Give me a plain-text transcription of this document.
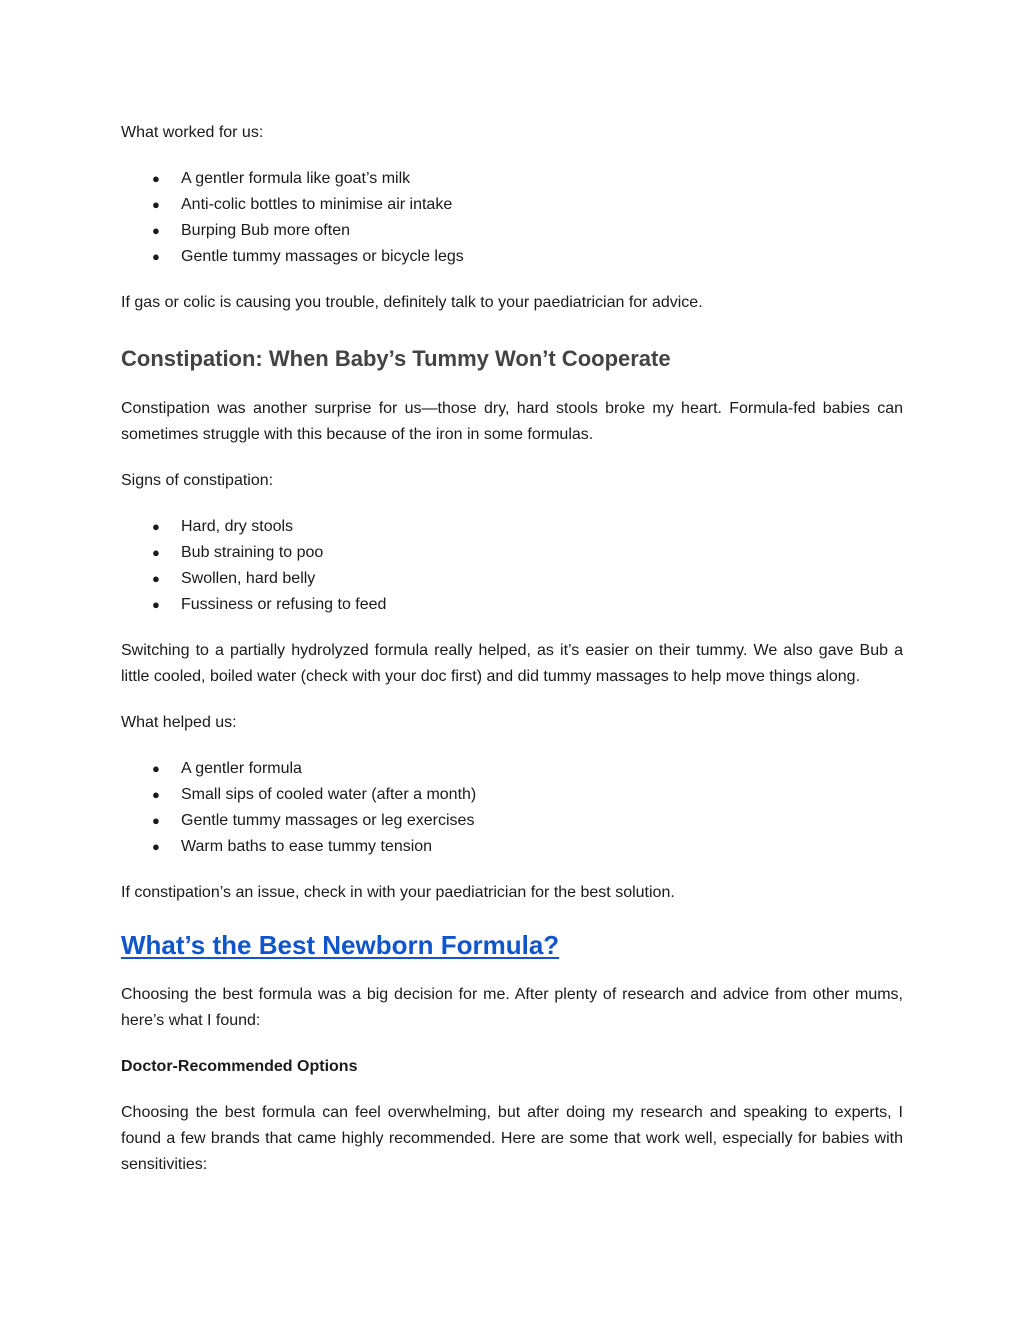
What worked for us:

● A gentler formula like goat’s milk
● Anti-colic bottles to minimise air intake
● Burping Bub more often
● Gentle tummy massages or bicycle legs

If gas or colic is causing you trouble, definitely talk to your paediatrician for advice.

Constipation: When Baby’s Tummy Won’t Cooperate

Constipation was another surprise for us—those dry, hard stools broke my heart. Formula-fed babies can sometimes struggle with this because of the iron in some formulas.

Signs of constipation:

● Hard, dry stools
● Bub straining to poo
● Swollen, hard belly
● Fussiness or refusing to feed

Switching to a partially hydrolyzed formula really helped, as it’s easier on their tummy. We also gave Bub a little cooled, boiled water (check with your doc first) and did tummy massages to help move things along.

What helped us:

● A gentler formula
● Small sips of cooled water (after a month)
● Gentle tummy massages or leg exercises
● Warm baths to ease tummy tension

If constipation’s an issue, check in with your paediatrician for the best solution.

What’s the Best Newborn Formula?

Choosing the best formula was a big decision for me. After plenty of research and advice from other mums, here’s what I found:

Doctor-Recommended Options

Choosing the best formula can feel overwhelming, but after doing my research and speaking to experts, I found a few brands that came highly recommended. Here are some that work well, especially for babies with sensitivities:
